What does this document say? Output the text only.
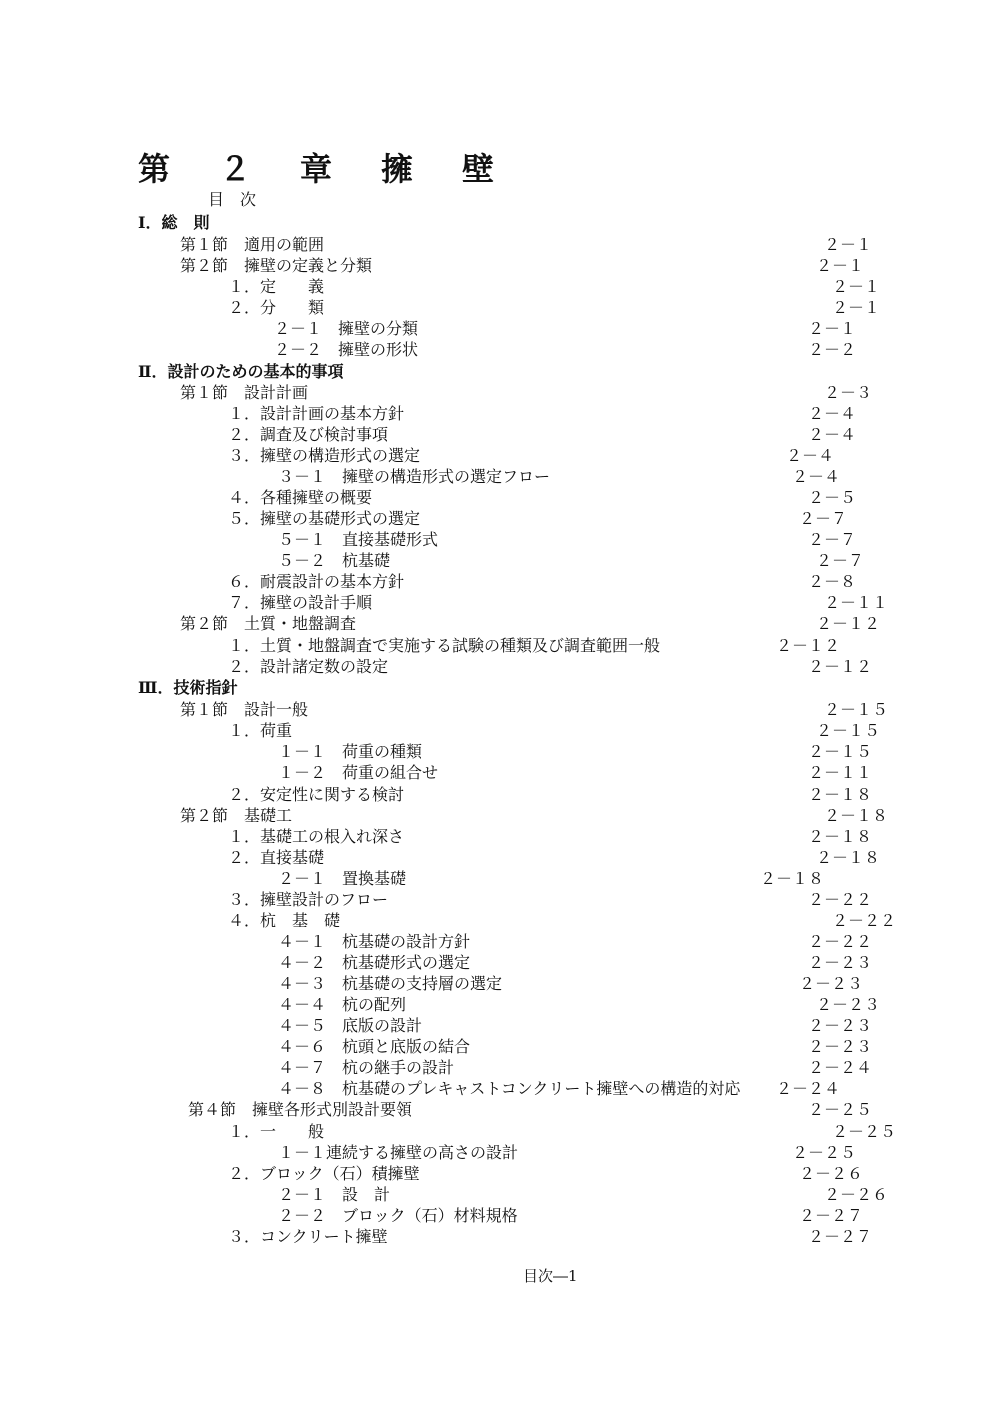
第　２　章　擁　壁
目　次
Ⅰ．総　則
第１節　適用の範囲	２－１
第２節　擁壁の定義と分類	２－１
１．定　　義	２－１
２．分　　類	２－１
２－１　擁壁の分類	２－１
２－２　擁壁の形状	２－２
Ⅱ．設計のための基本的事項
第１節　設計計画	２－３
１．設計計画の基本方針	２－４
２．調査及び検討事項	２－４
３．擁壁の構造形式の選定	２－４
３－１　擁壁の構造形式の選定フロー	２－４
４．各種擁壁の概要	２－５
５．擁壁の基礎形式の選定	２－７
５－１　直接基礎形式	２－７
５－２　杭基礎	２－７
６．耐震設計の基本方針	２－８
７．擁壁の設計手順	２－１１
第２節　土質・地盤調査	２－１２
１．土質・地盤調査で実施する試験の種類及び調査範囲一般	２－１２
２．設計諸定数の設定	２－１２
Ⅲ．技術指針
第１節　設計一般	２－１５
１．荷重	２－１５
１－１　荷重の種類	２－１５
１－２　荷重の組合せ	２－１１
２．安定性に関する検討	２－１８
第２節　基礎工	２－１８
１．基礎工の根入れ深さ	２－１８
２．直接基礎	２－１８
２－１　置換基礎	２－１８
３．擁壁設計のフロー	２－２２
４．杭　基　礎	２－２２
４－１　杭基礎の設計方針	２－２２
４－２　杭基礎形式の選定	２－２３
４－３　杭基礎の支持層の選定	２－２３
４－４　杭の配列	２－２３
４－５　底版の設計	２－２３
４－６　杭頭と底版の結合	２－２３
４－７　杭の継手の設計	２－２４
４－８　杭基礎のプレキャストコンクリート擁壁への構造的対応 ２－２４
第４節　擁壁各形式別設計要領	２－２５
１．一　　般	２－２５
１－１連続する擁壁の高さの設計	２－２５
２．ブロック（石）積擁壁	２－２６
２－１　設　計	２－２６
２－２　ブロック（石）材料規格	２－２７
３．コンクリート擁壁	２－２７
目次―1
